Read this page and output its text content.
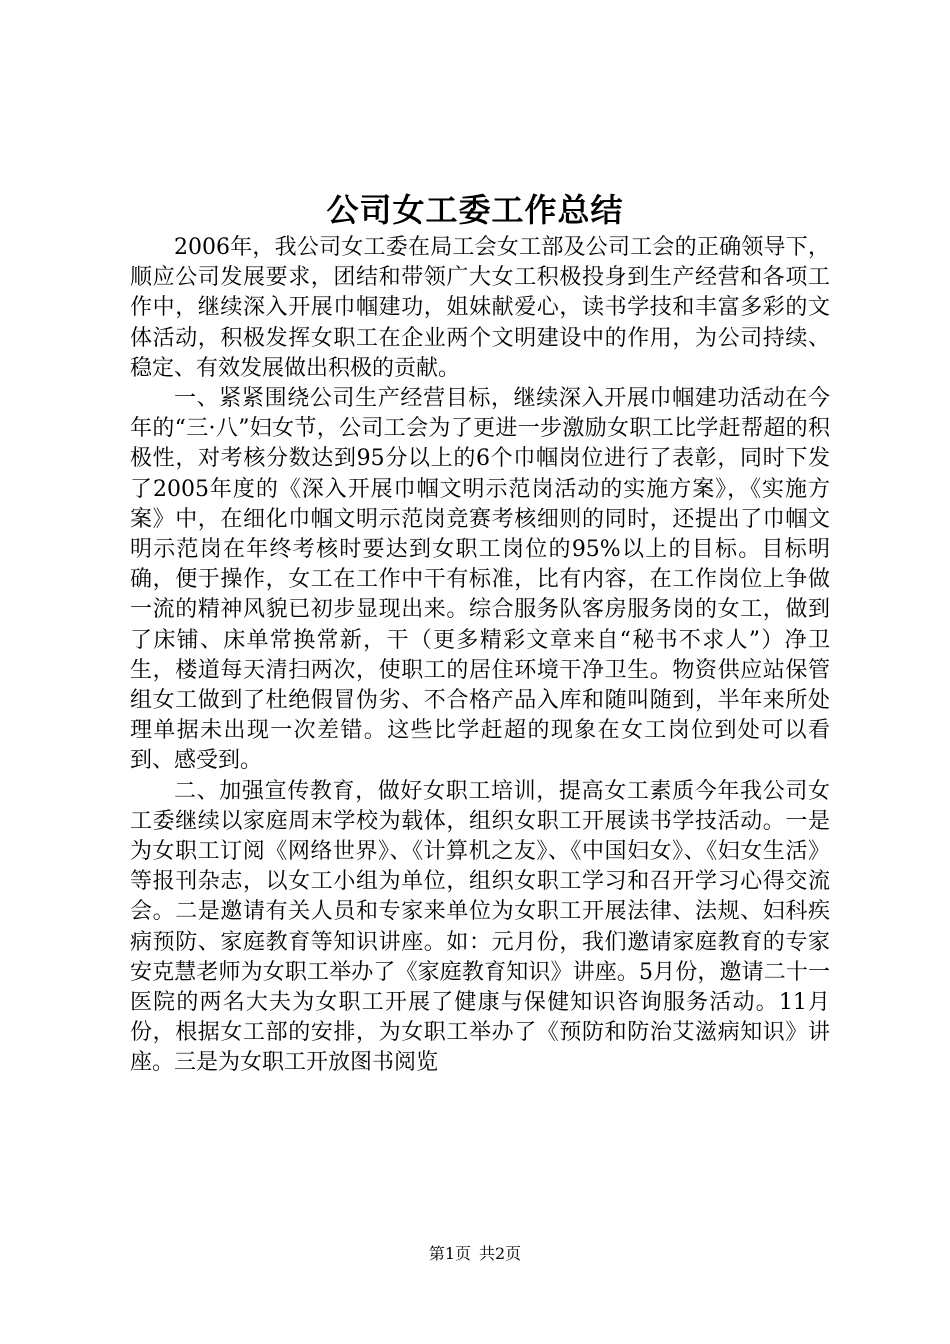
公司女工委工作总结

2006年，我公司女工委在局工会女工部及公司工会的正确领导下，顺应公司发展要求，团结和带领广大女工积极投身到生产经营和各项工作中，继续深入开展巾帼建功，姐妹献爱心，读书学技和丰富多彩的文体活动，积极发挥女职工在企业两个文明建设中的作用，为公司持续、稳定、有效发展做出积极的贡献。

一、紧紧围绕公司生产经营目标，继续深入开展巾帼建功活动在今年的“三·八”妇女节，公司工会为了更进一步激励女职工比学赶帮超的积极性，对考核分数达到95分以上的6个巾帼岗位进行了表彰，同时下发了2005年度的《深入开展巾帼文明示范岗活动的实施方案》，《实施方案》中，在细化巾帼文明示范岗竞赛考核细则的同时，还提出了巾帼文明示范岗在年终考核时要达到女职工岗位的95%以上的目标。目标明确，便于操作，女工在工作中干有标准，比有内容，在工作岗位上争做一流的精神风貌已初步显现出来。综合服务队客房服务岗的女工，做到了床铺、床单常换常新，干（更多精彩文章来自“秘书不求人”）净卫生，楼道每天清扫两次，使职工的居住环境干净卫生。物资供应站保管组女工做到了杜绝假冒伪劣、不合格产品入库和随叫随到，半年来所处理单据未出现一次差错。这些比学赶超的现象在女工岗位到处可以看到、感受到。

二、加强宣传教育，做好女职工培训，提高女工素质今年我公司女工委继续以家庭周末学校为载体，组织女职工开展读书学技活动。一是为女职工订阅《网络世界》、《计算机之友》、《中国妇女》、《妇女生活》等报刊杂志，以女工小组为单位，组织女职工学习和召开学习心得交流会。二是邀请有关人员和专家来单位为女职工开展法律、法规、妇科疾病预防、家庭教育等知识讲座。如：元月份，我们邀请家庭教育的专家安克慧老师为女职工举办了《家庭教育知识》讲座。5月份，邀请二十一医院的两名大夫为女职工开展了健康与保健知识咨询服务活动。11月份，根据女工部的安排，为女职工举办了《预防和防治艾滋病知识》讲座。三是为女职工开放图书阅览

第1页 共2页
